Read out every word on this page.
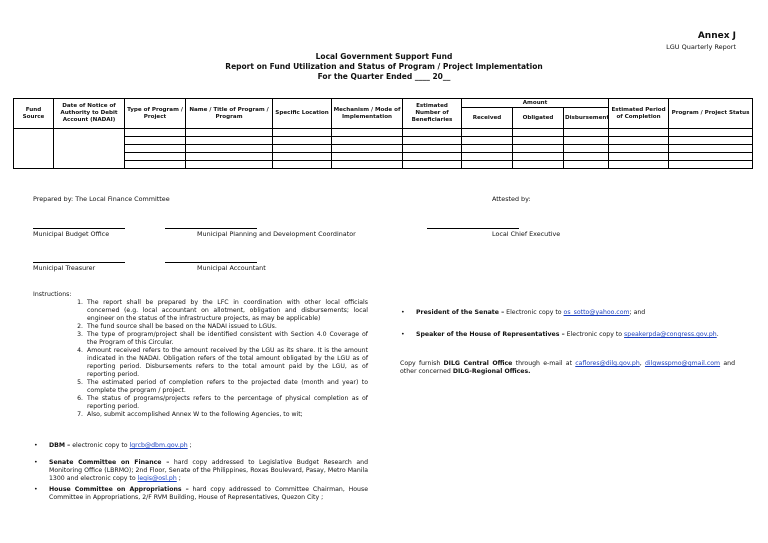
Annex J
LGU Quarterly Report
Local Government Support Fund
Report on Fund Utilization and Status of Program / Project Implementation
For the Quarter Ended ____ 20__
Fund Source	Date of Notice of Authority to Debit Account (NADAI)	Type of Program / Project	Name / Title of Program / Program	Specific Location	Mechanism / Mode of Implementation	Estimated Number of Beneficiaries	Amount			Estimated Period of Completion	Program / Project Status
							Received	Obligated	Disbursement		

Prepared by: The Local Finance Committee	Attested by:
Municipal Budget Office	Municipal Planning and Development Coordinator	Local Chief Executive
Municipal Treasurer	Municipal Accountant
Instructions:
1. The report shall be prepared by the LFC in coordination with other local officials concerned (e.g. local accountant on allotment, obligation and disbursements; local engineer on the status of the infrastructure projects, as may be applicable)
2. The fund source shall be based on the NADAI issued to LGUs.
3. The type of program/project shall be identified consistent with Section 4.0 Coverage of the Program of this Circular.
4. Amount received refers to the amount received by the LGU as its share. It is the amount indicated in the NADAI. Obligation refers of the total amount obligated by the LGU as of reporting period. Disbursements refers to the total amount paid by the LGU, as of reporting period.
5. The estimated period of completion refers to the projected date (month and year) to complete the program / project.
6. The status of programs/projects refers to the percentage of physical completion as of reporting period.
7. Also, submit accomplished Annex W to the following Agencies, to wit;
• DBM – electronic copy to lgrcb@dbm.gov.ph ;
• Senate Committee on Finance – hard copy addressed to Legislative Budget Research and Monitoring Office (LBRMO); 2nd Floor, Senate of the Philippines, Roxas Boulevard, Pasay, Metro Manila 1300 and electronic copy to legis@osl.ph ;
• House Committee on Appropriations – hard copy addressed to Committee Chairman, House Committee in Appropriations, 2/F RVM Building, House of Representatives, Quezon City ;
• President of the Senate – Electronic copy to os_sotto@yahoo.com; and
• Speaker of the House of Representatives – Electronic copy to speakerpda@congress.gov.ph.
Copy furnish DILG Central Office through e-mail at caflores@dilg.gov.ph, dilgwsspmo@gmail.com and other concerned DILG-Regional Offices.
